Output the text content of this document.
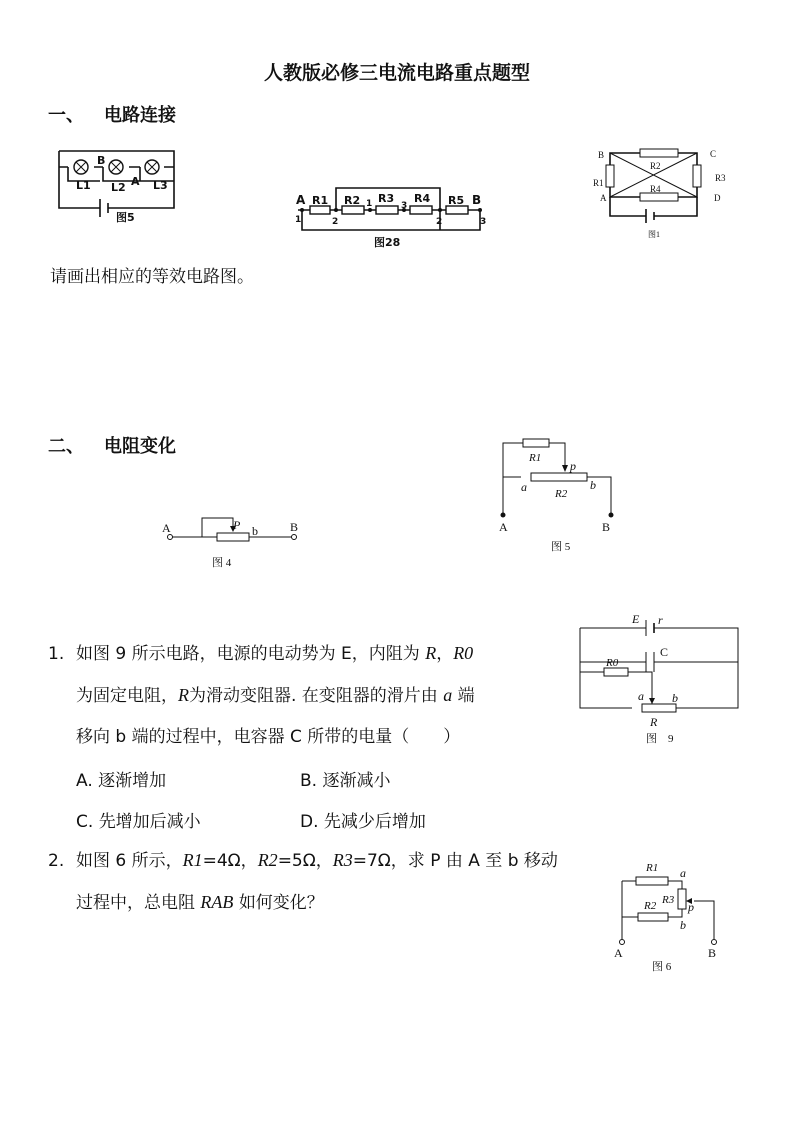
人教版必修三电流电路重点题型
一、 电路连接
B
A
L1 L2 L3
图5
A	B
R1 R2 R3 R4 R5
1	2
1	3
2	3
图28
B	C
A	D
R2
R4
R1	R3
图1
请画出相应的等效电路图。
二、 电阻变化
A	B
P b
图 4
R1
R2
p
a	b
A	B
图 5
1. 如图 9 所示电路，电源的电动势为 E，内阻为 R，R0
为固定电阻，R为滑动变阻器. 在变阻器的滑片由 a 端
移向 b 端的过程中，电容器 C 所带的电量（　　）
A. 逐渐增加	B. 逐渐减小
C. 先增加后减小	D. 先减少后增加
E r
C
R0
a b
R
图　9
2. 如图 6 所示，R1=4Ω，R2=5Ω，R3=7Ω，求 P 由 A 至 b 移动
过程中，总电阻 RAB 如何变化？
R1
R2 R3
a
b
p
A	B
图 6
